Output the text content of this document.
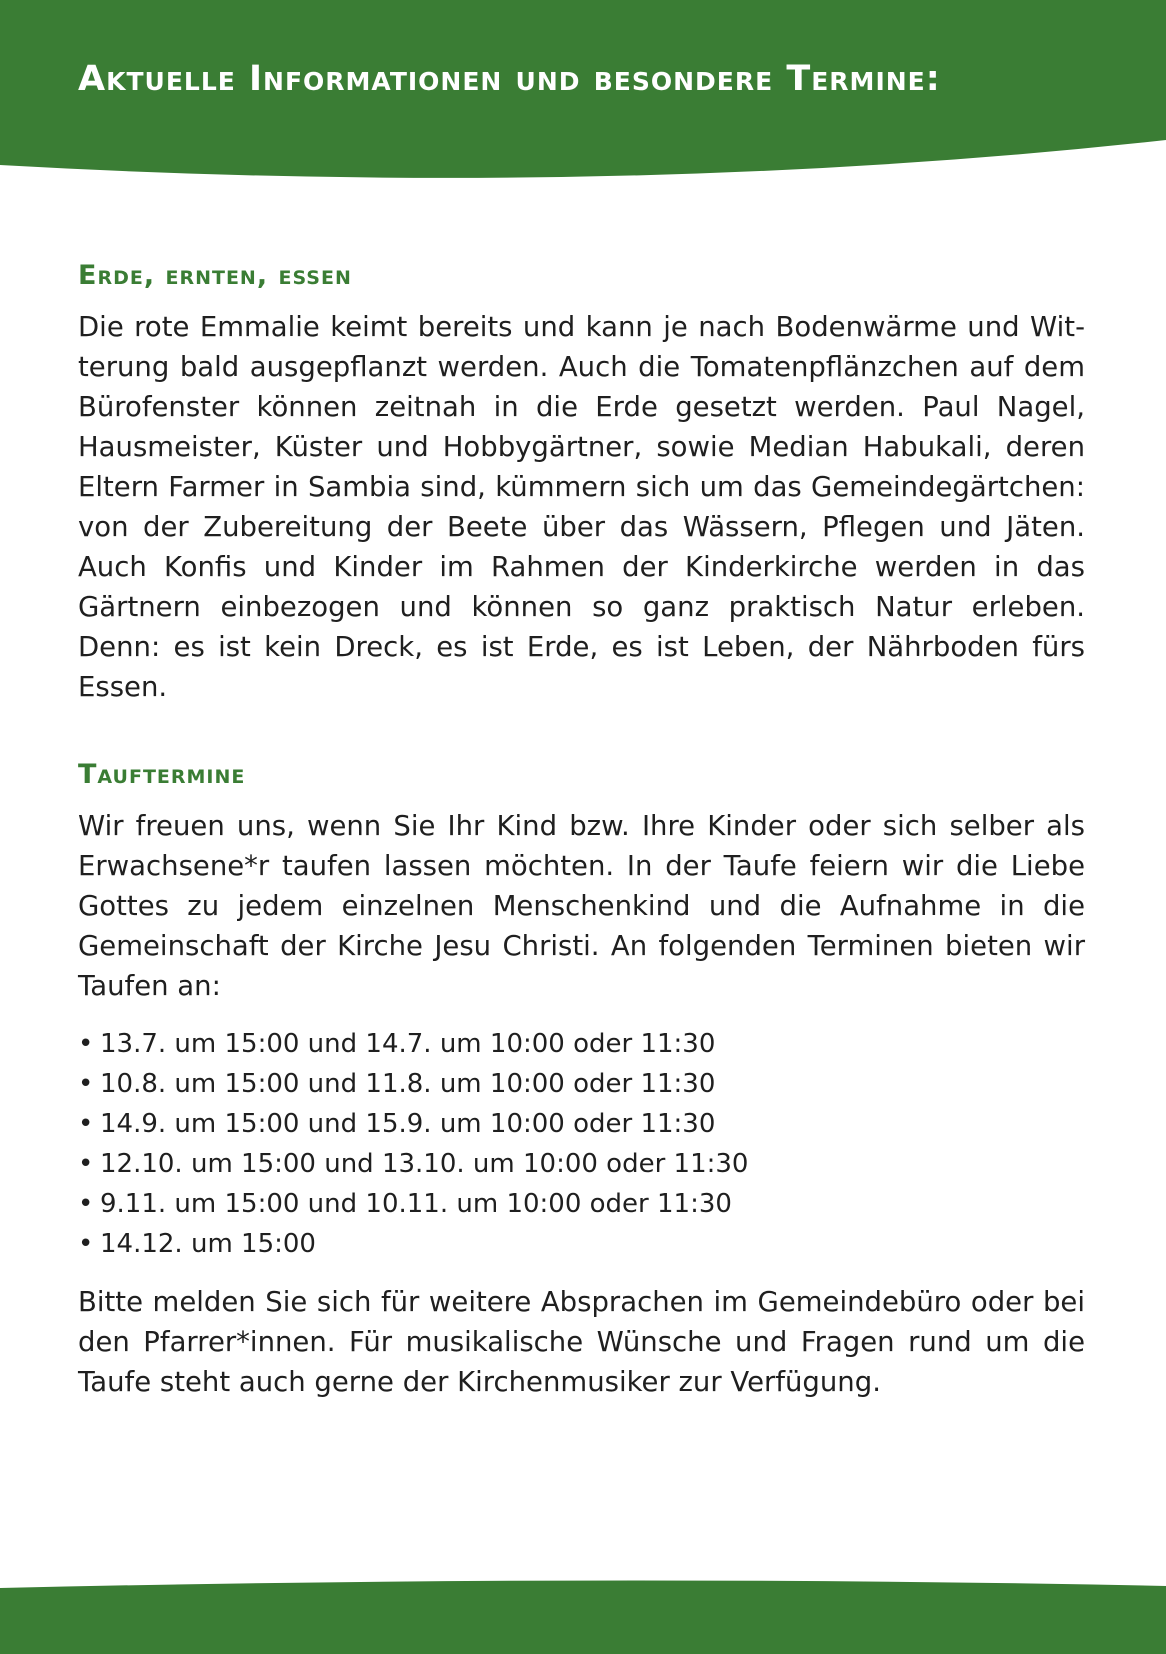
Aktuelle Informationen und besondere Termine:
Erde, ernten, essen

Die rote Emmalie keimt bereits und kann je nach Bodenwärme und Witterung bald ausgepflanzt werden. Auch die Tomatenpflänzchen auf dem Bürofenster können zeitnah in die Erde gesetzt werden. Paul Nagel, Hausmeister, Küster und Hobbygärtner, sowie Median Habukali, deren Eltern Farmer in Sambia sind, kümmern sich um das Gemeindegärtchen: von der Zubereitung der Beete über das Wässern, Pflegen und Jäten. Auch Konfis und Kinder im Rahmen der Kinderkirche werden in das Gärtnern einbezogen und können so ganz praktisch Natur erleben. Denn: es ist kein Dreck, es ist Erde, es ist Leben, der Nährboden fürs Essen.

Tauftermine

Wir freuen uns, wenn Sie Ihr Kind bzw. Ihre Kinder oder sich selber als Erwachsene*r taufen lassen möchten. In der Taufe feiern wir die Liebe Gottes zu jedem einzelnen Menschenkind und die Aufnahme in die Gemeinschaft der Kirche Jesu Christi. An folgenden Terminen bieten wir Taufen an:

• 13.7. um 15:00 und 14.7. um 10:00 oder 11:30
• 10.8. um 15:00 und 11.8. um 10:00 oder 11:30
• 14.9. um 15:00 und 15.9. um 10:00 oder 11:30
• 12.10. um 15:00 und 13.10. um 10:00 oder 11:30
• 9.11. um 15:00 und 10.11. um 10:00 oder 11:30
• 14.12. um 15:00

Bitte melden Sie sich für weitere Absprachen im Gemeindebüro oder bei den Pfarrer*innen. Für musikalische Wünsche und Fragen rund um die Taufe steht auch gerne der Kirchenmusiker zur Verfügung.
